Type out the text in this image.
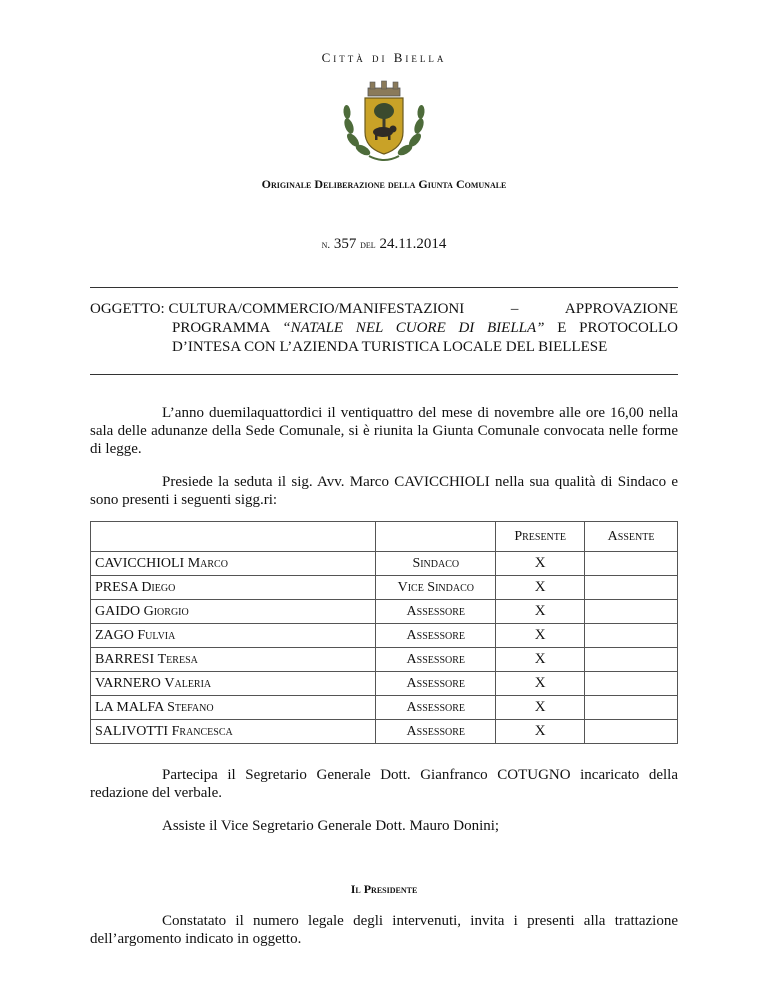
Città di Biella
Originale Deliberazione della Giunta Comunale
n. 357 del 24.11.2014
OGGETTO: CULTURA/COMMERCIO/MANIFESTAZIONI	–	APPROVAZIONE
PROGRAMMA “NATALE NEL CUORE DI BIELLA” E PROTOCOLLO
D’INTESA CON L’AZIENDA TURISTICA LOCALE DEL BIELLESE
L’anno duemilaquattordici il ventiquattro del mese di novembre alle ore 16,00 nella sala delle adunanze della Sede Comunale, si è riunita la Giunta Comunale convocata nelle forme di legge.
Presiede la seduta il sig. Avv. Marco CAVICCHIOLI nella sua qualità di Sindaco e sono presenti i seguenti sigg.ri:
		Presente	Assente
CAVICCHIOLI Marco	Sindaco	X	
PRESA Diego	Vice Sindaco	X	
GAIDO Giorgio	Assessore	X	
ZAGO Fulvia	Assessore	X	
BARRESI Teresa	Assessore	X	
VARNERO Valeria	Assessore	X	
LA MALFA Stefano	Assessore	X	
SALIVOTTI Francesca	Assessore	X	
Partecipa il Segretario Generale Dott. Gianfranco COTUGNO incaricato della redazione del verbale.
Assiste il Vice Segretario Generale Dott. Mauro Donini;
Il Presidente
Constatato il numero legale degli intervenuti, invita i presenti alla trattazione dell’argomento indicato in oggetto.
